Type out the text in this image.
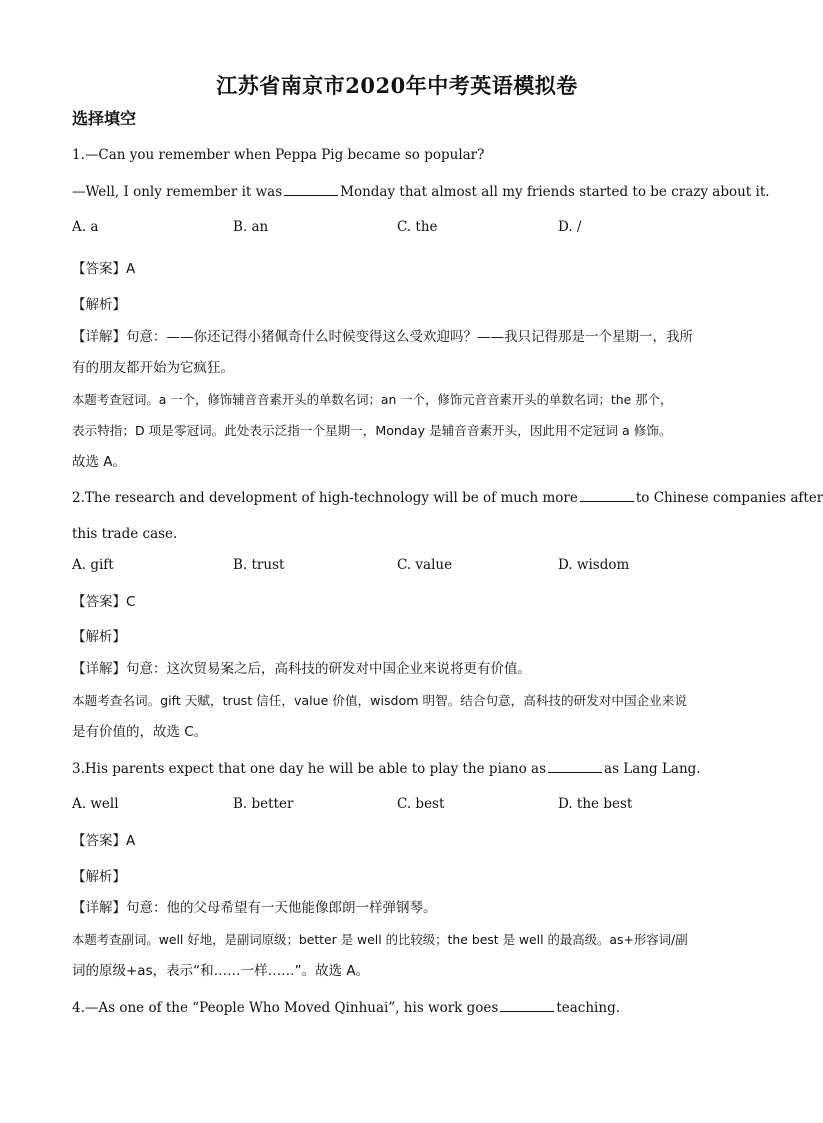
江苏省南京市2020年中考英语模拟卷
选择填空
1.—Can you remember when Peppa Pig became so popular?
—Well, I only remember it was	Monday that almost all my friends started to be crazy about it.
A. a	B. an	C. the	D. /
【答案】A
【解析】
【详解】句意：——你还记得小猪佩奇什么时候变得这么受欢迎吗？——我只记得那是一个星期一，我所
有的朋友都开始为它疯狂。
本题考查冠词。a 一个，修饰辅音音素开头的单数名词；an 一个，修饰元音音素开头的单数名词；the 那个，
表示特指；D 项是零冠词。此处表示泛指一个星期一，Monday 是辅音音素开头，因此用不定冠词 a 修饰。
故选 A。
2.The research and development of high-technology will be of much more	to Chinese companies after
this trade case.
A. gift	B. trust	C. value	D. wisdom
【答案】C
【解析】
【详解】句意：这次贸易案之后，高科技的研发对中国企业来说将更有价值。
本题考查名词。gift 天赋，trust 信任，value 价值，wisdom 明智。结合句意，高科技的研发对中国企业来说
是有价值的，故选 C。
3.His parents expect that one day he will be able to play the piano as	as Lang Lang.
A. well	B. better	C. best	D. the best
【答案】A
【解析】
【详解】句意：他的父母希望有一天他能像郎朗一样弹钢琴。
本题考查副词。well 好地，是副词原级；better 是 well 的比较级；the best 是 well 的最高级。as+形容词/副
词的原级+as，表示“和……一样……”。故选 A。
4.—As one of the “People Who Moved Qinhuai”, his work goes	teaching.
